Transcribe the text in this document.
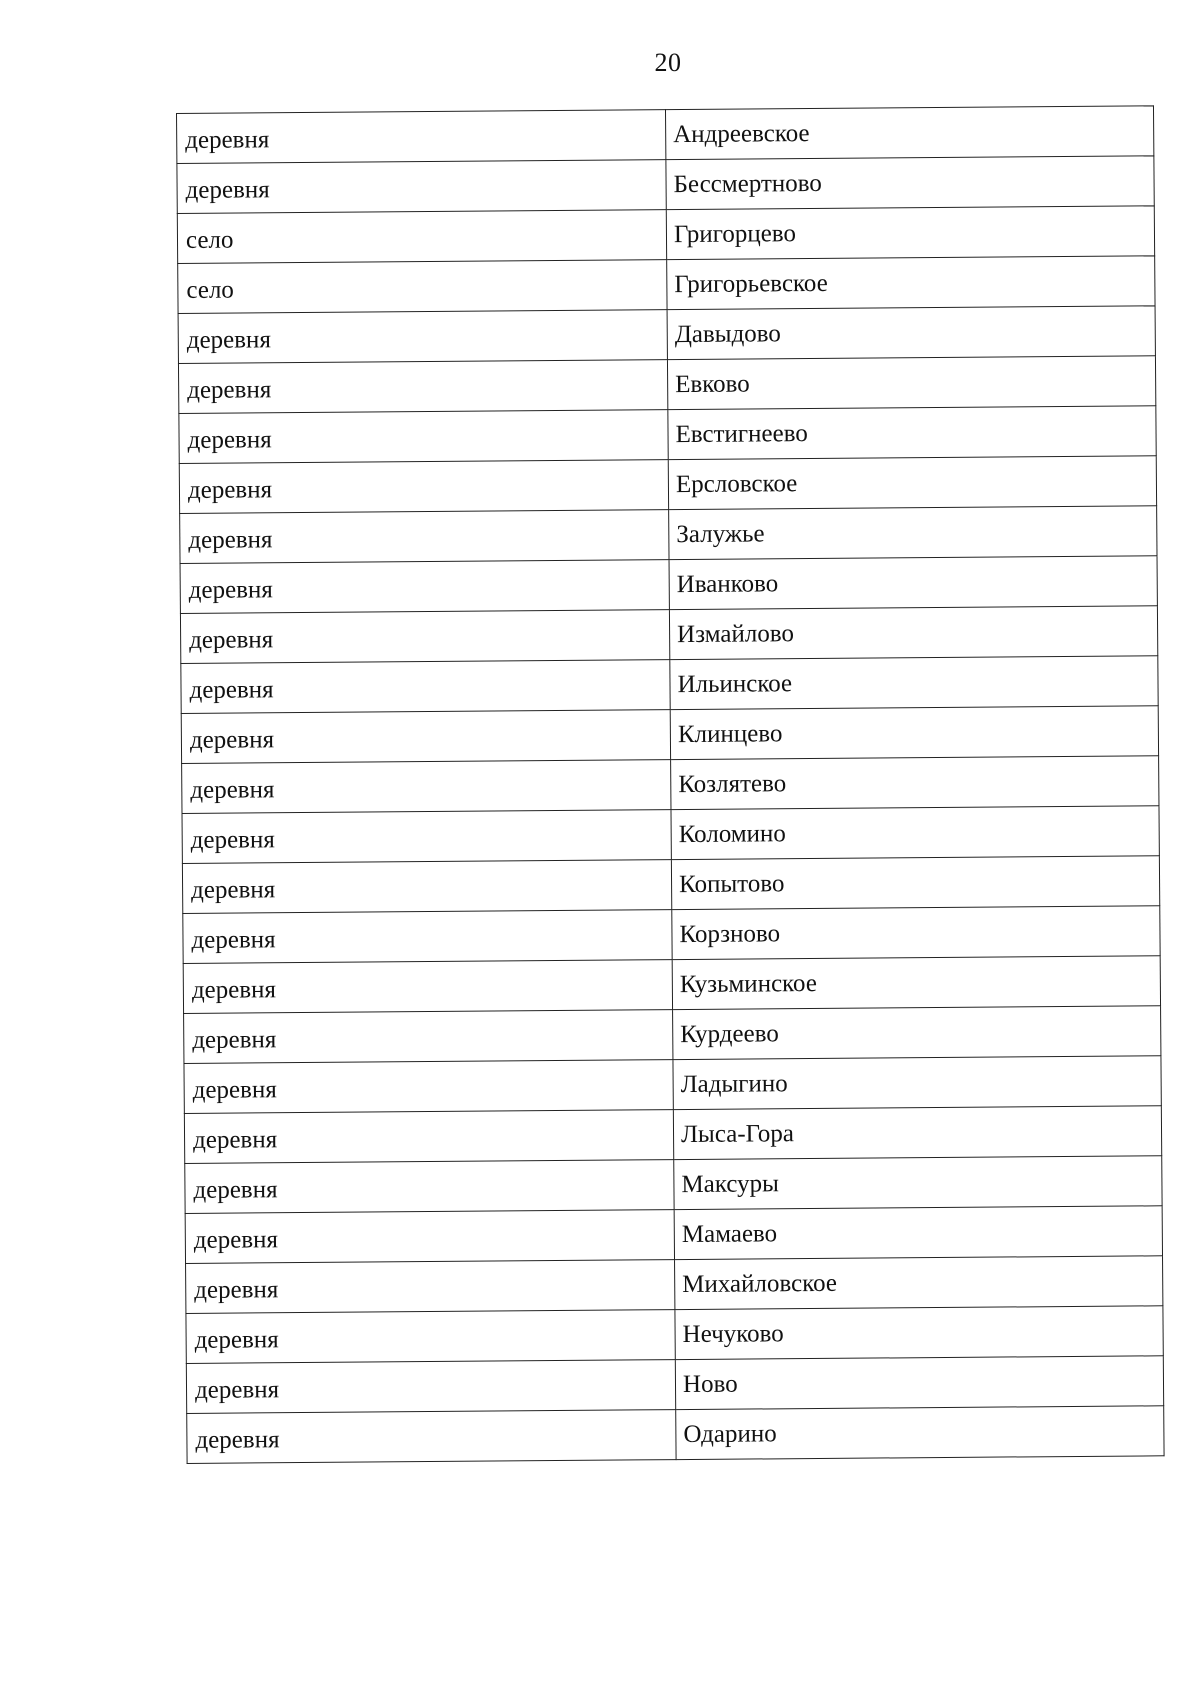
20
деревня	Андреевское
деревня	Бессмертново
село	Григорцево
село	Григорьевское
деревня	Давыдово
деревня	Евково
деревня	Евстигнеево
деревня	Ерсловское
деревня	Залужье
деревня	Иванково
деревня	Измайлово
деревня	Ильинское
деревня	Клинцево
деревня	Козлятево
деревня	Коломино
деревня	Копытово
деревня	Корзново
деревня	Кузьминское
деревня	Курдеево
деревня	Ладыгино
деревня	Лыса-Гора
деревня	Максуры
деревня	Мамаево
деревня	Михайловское
деревня	Нечуково
деревня	Ново
деревня	Одарино
